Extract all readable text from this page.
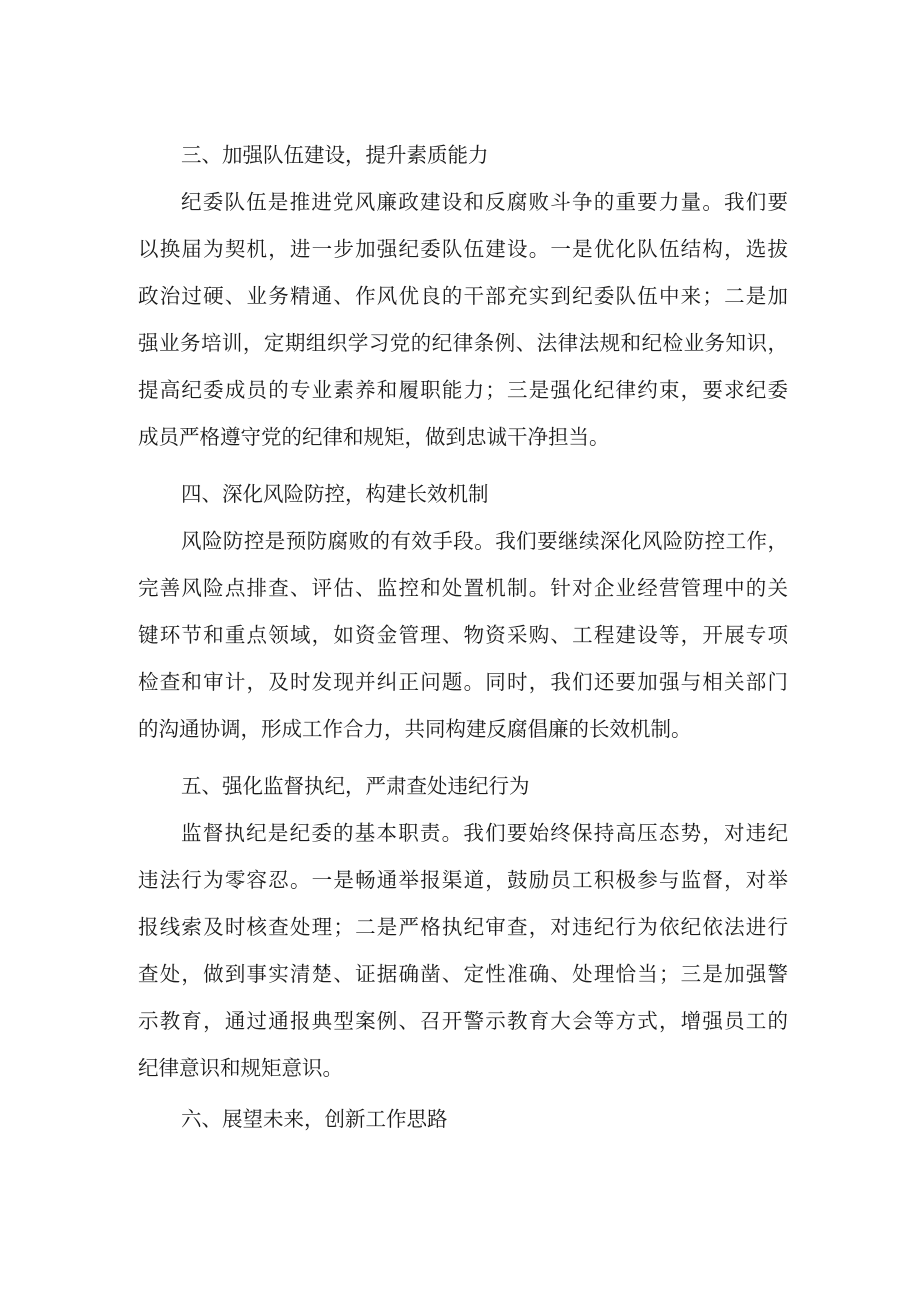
三、加强队伍建设，提升素质能力
纪委队伍是推进党风廉政建设和反腐败斗争的重要力量。我们要
以换届为契机，进一步加强纪委队伍建设。一是优化队伍结构，选拔
政治过硬、业务精通、作风优良的干部充实到纪委队伍中来；二是加
强业务培训，定期组织学习党的纪律条例、法律法规和纪检业务知识，
提高纪委成员的专业素养和履职能力；三是强化纪律约束，要求纪委
成员严格遵守党的纪律和规矩，做到忠诚干净担当。
四、深化风险防控，构建长效机制
风险防控是预防腐败的有效手段。我们要继续深化风险防控工作，
完善风险点排查、评估、监控和处置机制。针对企业经营管理中的关
键环节和重点领域，如资金管理、物资采购、工程建设等，开展专项
检查和审计，及时发现并纠正问题。同时，我们还要加强与相关部门
的沟通协调，形成工作合力，共同构建反腐倡廉的长效机制。
五、强化监督执纪，严肃查处违纪行为
监督执纪是纪委的基本职责。我们要始终保持高压态势，对违纪
违法行为零容忍。一是畅通举报渠道，鼓励员工积极参与监督，对举
报线索及时核查处理；二是严格执纪审查，对违纪行为依纪依法进行
查处，做到事实清楚、证据确凿、定性准确、处理恰当；三是加强警
示教育，通过通报典型案例、召开警示教育大会等方式，增强员工的
纪律意识和规矩意识。
六、展望未来，创新工作思路
